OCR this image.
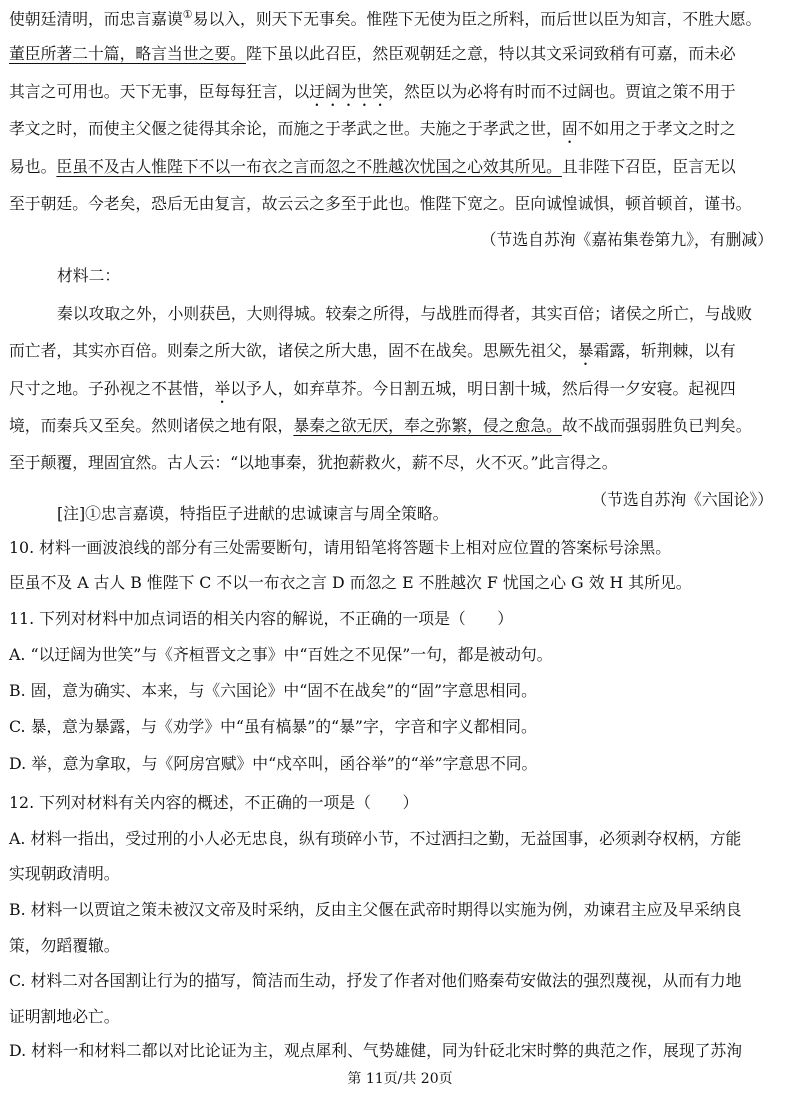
使朝廷清明，而忠言嘉谟①易以入，则天下无事矣。惟陛下无使为臣之所料，而后世以臣为知言，不胜大愿。
董臣所著二十篇，略言当世之要。陛下虽以此召臣，然臣观朝廷之意，特以其文采词致稍有可嘉，而未必
其言之可用也。天下无事，臣每每狂言，以迂阔为世笑，然臣以为必将有时而不过阔也。贾谊之策不用于
孝文之时，而使主父偃之徒得其余论，而施之于孝武之世。夫施之于孝武之世，固不如用之于孝文之时之
易也。臣虽不及古人惟陛下不以一布衣之言而忽之不胜越次忧国之心效其所见。且非陛下召臣，臣言无以
至于朝廷。今老矣，恐后无由复言，故云云之多至于此也。惟陛下宽之。臣向诚惶诚惧，顿首顿首，谨书。
（节选自苏洵《嘉祐集卷第九》，有删减）
材料二：
秦以攻取之外，小则获邑，大则得城。较秦之所得，与战胜而得者，其实百倍；诸侯之所亡，与战败
而亡者，其实亦百倍。则秦之所大欲，诸侯之所大患，固不在战矣。思厥先祖父，暴霜露，斩荆棘，以有
尺寸之地。子孙视之不甚惜，举以予人，如弃草芥。今日割五城，明日割十城，然后得一夕安寝。起视四
境，而秦兵又至矣。然则诸侯之地有限，暴秦之欲无厌，奉之弥繁，侵之愈急。故不战而强弱胜负已判矣。
至于颠覆，理固宜然。古人云：“以地事秦，犹抱薪救火，薪不尽，火不灭。”此言得之。
（节选自苏洵《六国论》）
[注]①忠言嘉谟，特指臣子进献的忠诚谏言与周全策略。
10. 材料一画波浪线的部分有三处需要断句，请用铅笔将答题卡上相对应位置的答案标号涂黑。
臣虽不及 A 古人 B 惟陛下 C 不以一布衣之言 D 而忽之 E 不胜越次 F 忧国之心 G 效 H 其所见。
11. 下列对材料中加点词语的相关内容的解说，不正确的一项是（　　）
A. “以迂阔为世笑”与《齐桓晋文之事》中“百姓之不见保”一句，都是被动句。
B. 固，意为确实、本来，与《六国论》中“固不在战矣”的“固”字意思相同。
C. 暴，意为暴露，与《劝学》中“虽有槁暴”的“暴”字，字音和字义都相同。
D. 举，意为拿取，与《阿房宫赋》中“戍卒叫，函谷举”的“举”字意思不同。
12. 下列对材料有关内容的概述，不正确的一项是（　　）
A. 材料一指出，受过刑的小人必无忠良，纵有琐碎小节，不过洒扫之勤，无益国事，必须剥夺权柄，方能
实现朝政清明。
B. 材料一以贾谊之策未被汉文帝及时采纳，反由主父偃在武帝时期得以实施为例，劝谏君主应及早采纳良
策，勿蹈覆辙。
C. 材料二对各国割让行为的描写，简洁而生动，抒发了作者对他们赂秦苟安做法的强烈蔑视，从而有力地
证明割地必亡。
D. 材料一和材料二都以对比论证为主，观点犀利、气势雄健，同为针砭北宋时弊的典范之作，展现了苏洵
第 11页/共 20页
